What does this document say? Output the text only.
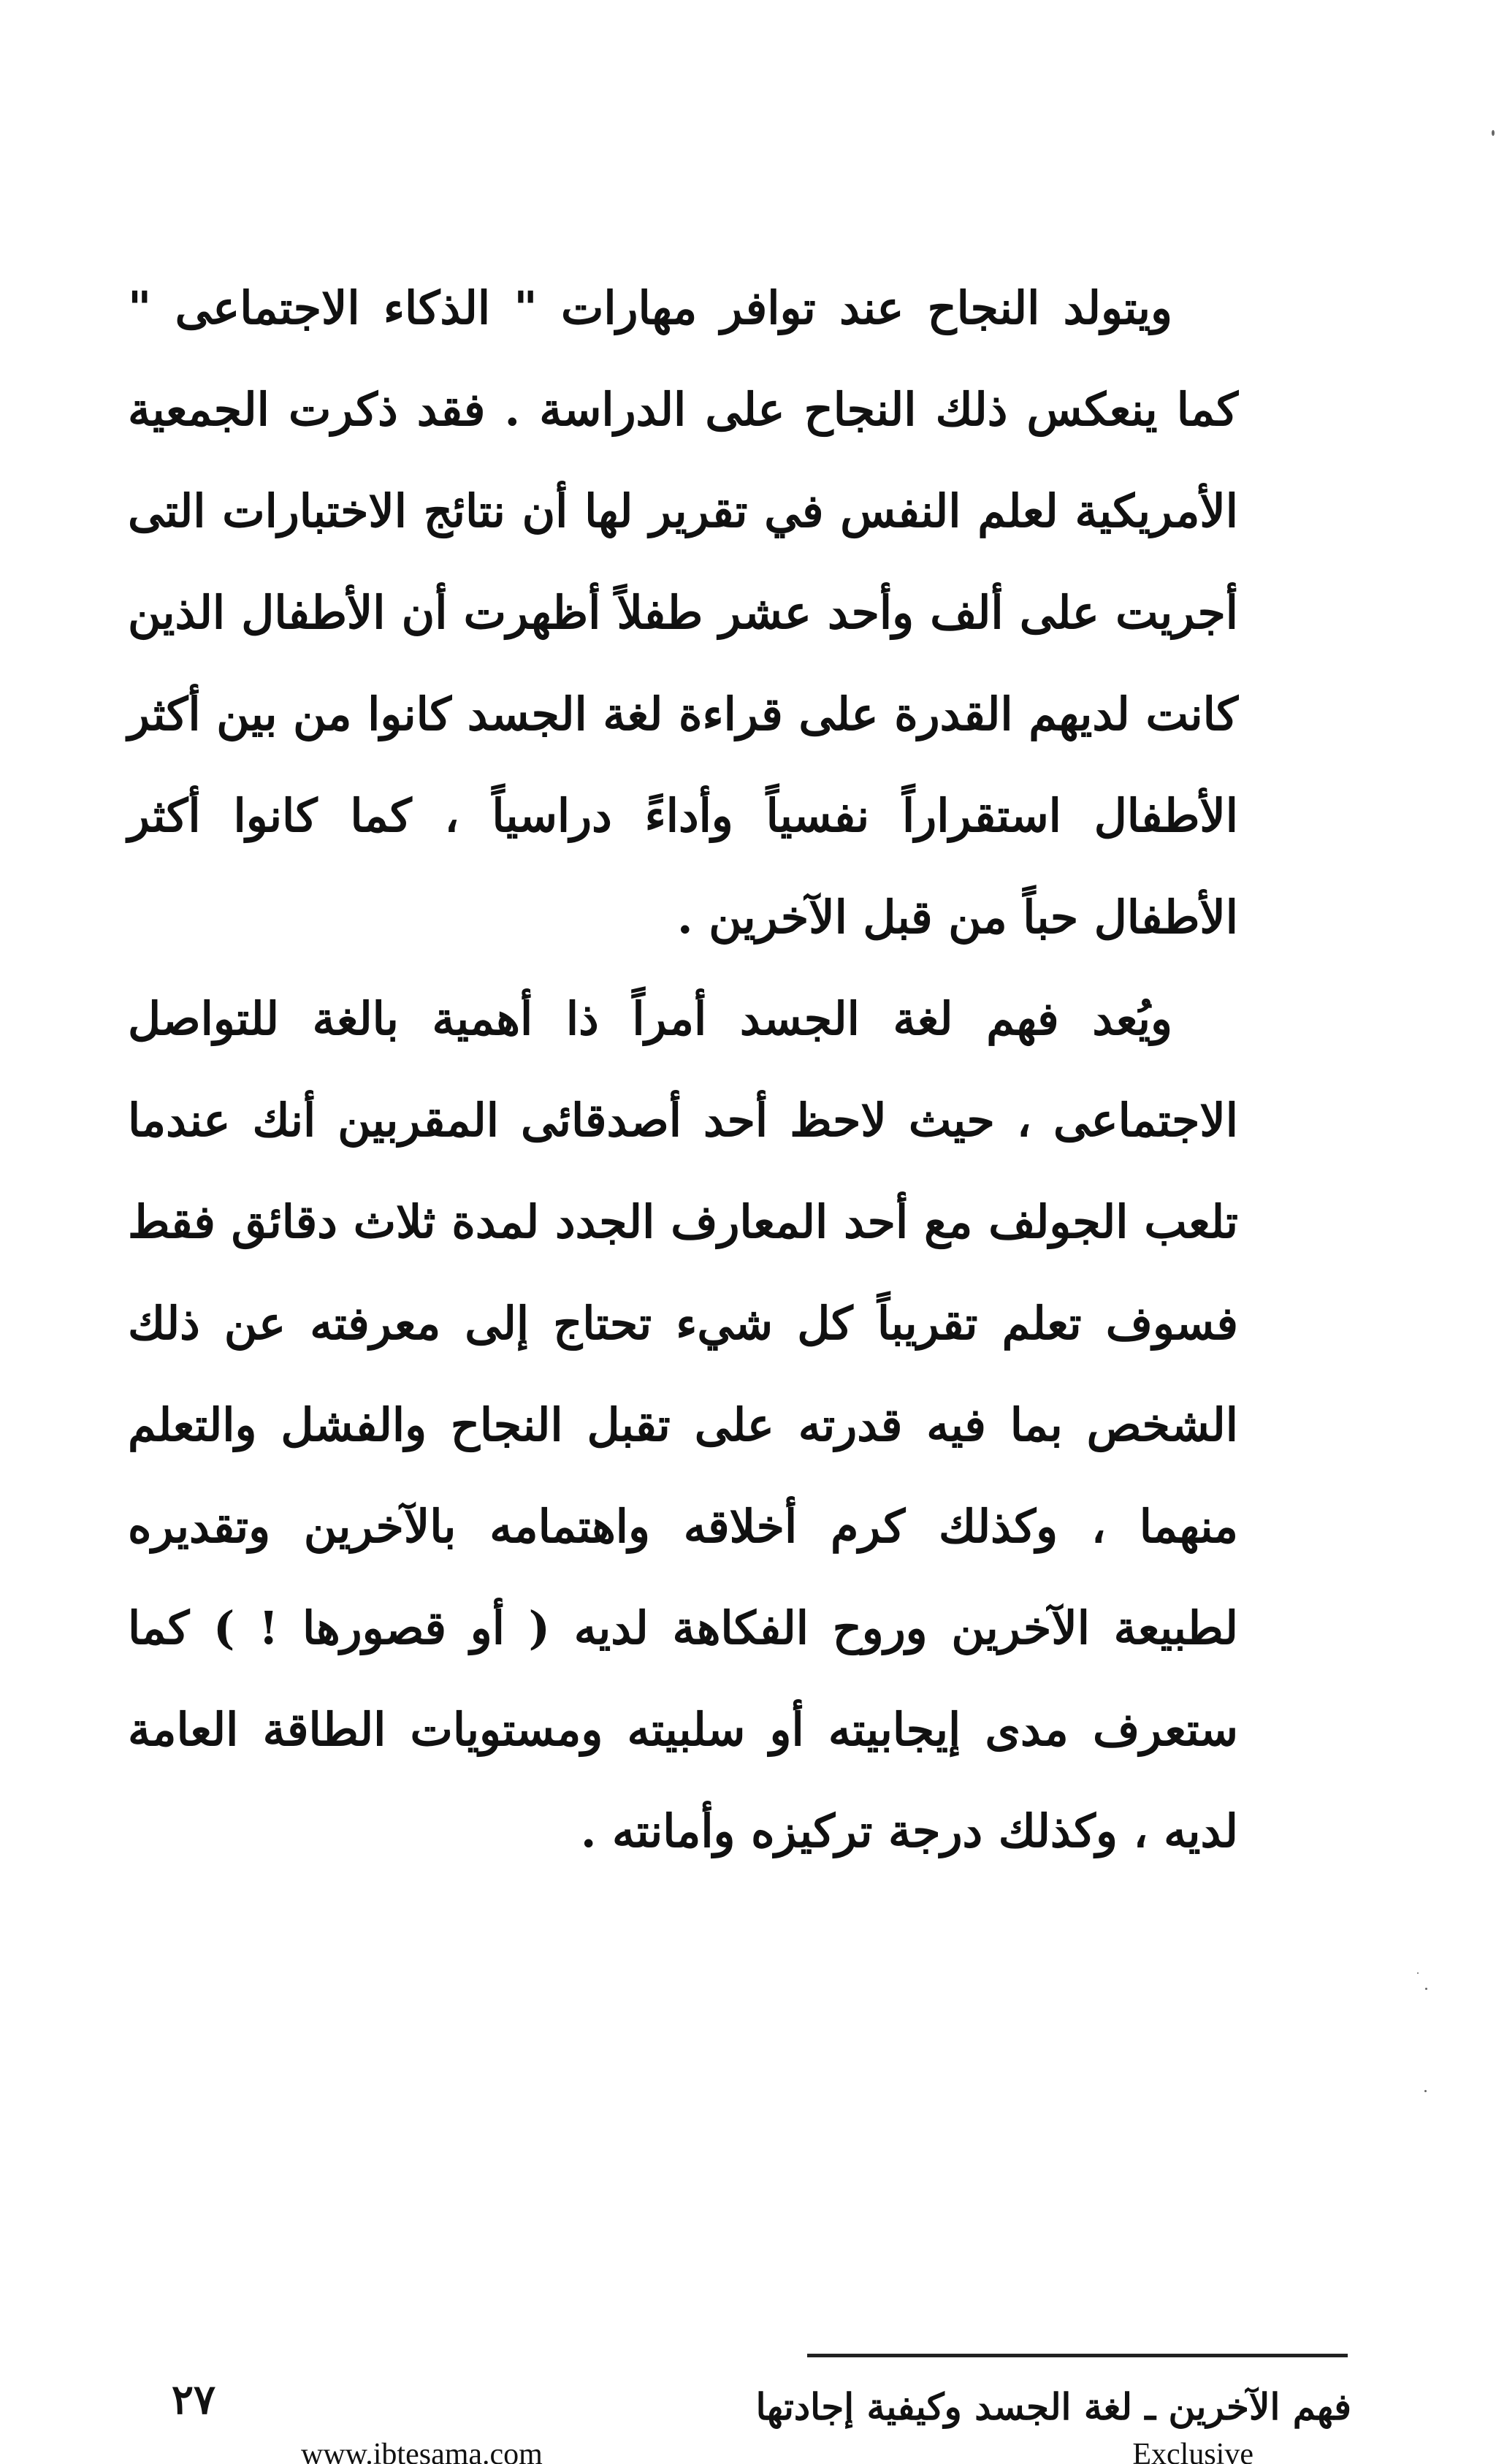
ويتولد النجاح عند توافر مهارات " الذكاء الاجتماعى " كما ينعكس ذلك النجاح على الدراسة . فقد ذكرت الجمعية الأمريكية لعلم النفس في تقرير لها أن نتائج الاختبارات التى أجريت على ألف وأحد عشر طفلاً أظهرت أن الأطفال الذين كانت لديهم القدرة على قراءة لغة الجسد كانوا من بين أكثر الأطفال استقراراً نفسياً وأداءً دراسياً ، كما كانوا أكثر الأطفال حباً من قبل الآخرين .

ويُعد فهم لغة الجسد أمراً ذا أهمية بالغة للتواصل الاجتماعى ، حيث لاحظ أحد أصدقائى المقربين أنك عندما تلعب الجولف مع أحد المعارف الجدد لمدة ثلاث دقائق فقط فسوف تعلم تقريباً كل شيء تحتاج إلى معرفته عن ذلك الشخص بما فيه قدرته على تقبل النجاح والفشل والتعلم منهما ، وكذلك كرم أخلاقه واهتمامه بالآخرين وتقديره لطبيعة الآخرين وروح الفكاهة لديه ( أو قصورها ! ) كما ستعرف مدى إيجابيته أو سلبيته ومستويات الطاقة العامة لديه ، وكذلك درجة تركيزه وأمانته .

فهم الآخرين ـ لغة الجسد وكيفية إجادتها
٢٧
www.ibtesama.com	Exclusive
